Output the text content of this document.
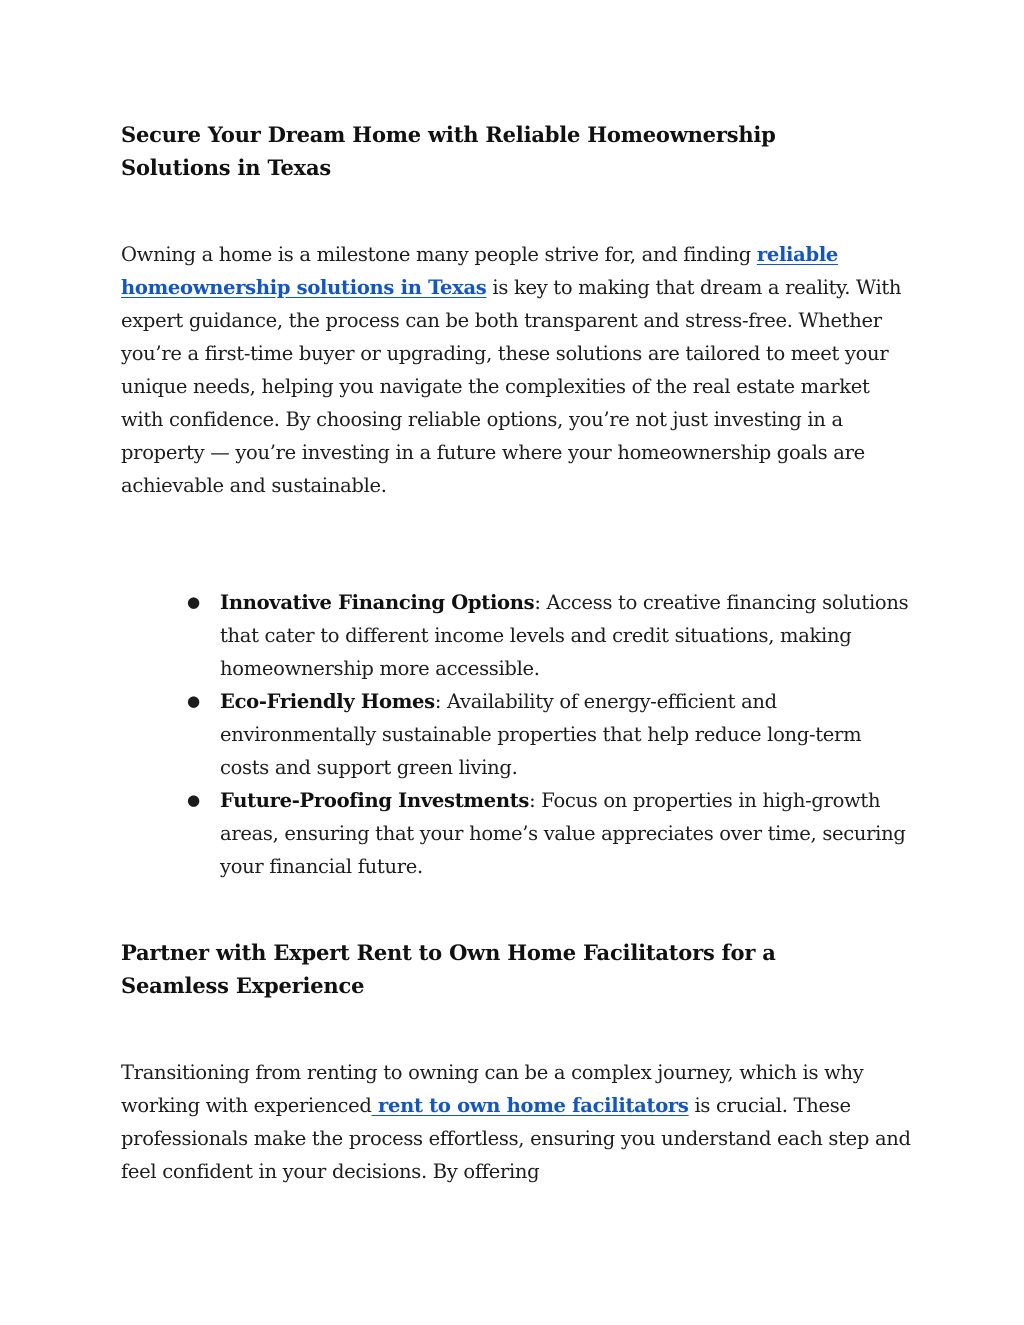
Secure Your Dream Home with Reliable Homeownership Solutions in Texas

Owning a home is a milestone many people strive for, and finding reliable homeownership solutions in Texas is key to making that dream a reality. With expert guidance, the process can be both transparent and stress-free. Whether you’re a first-time buyer or upgrading, these solutions are tailored to meet your unique needs, helping you navigate the complexities of the real estate market with confidence. By choosing reliable options, you’re not just investing in a property — you’re investing in a future where your homeownership goals are achievable and sustainable.

● Innovative Financing Options: Access to creative financing solutions that cater to different income levels and credit situations, making homeownership more accessible.
● Eco-Friendly Homes: Availability of energy-efficient and environmentally sustainable properties that help reduce long-term costs and support green living.
● Future-Proofing Investments: Focus on properties in high-growth areas, ensuring that your home’s value appreciates over time, securing your financial future.
Partner with Expert Rent to Own Home Facilitators for a Seamless Experience

Transitioning from renting to owning can be a complex journey, which is why working with experienced rent to own home facilitators is crucial. These professionals make the process effortless, ensuring you understand each step and feel confident in your decisions. By offering
